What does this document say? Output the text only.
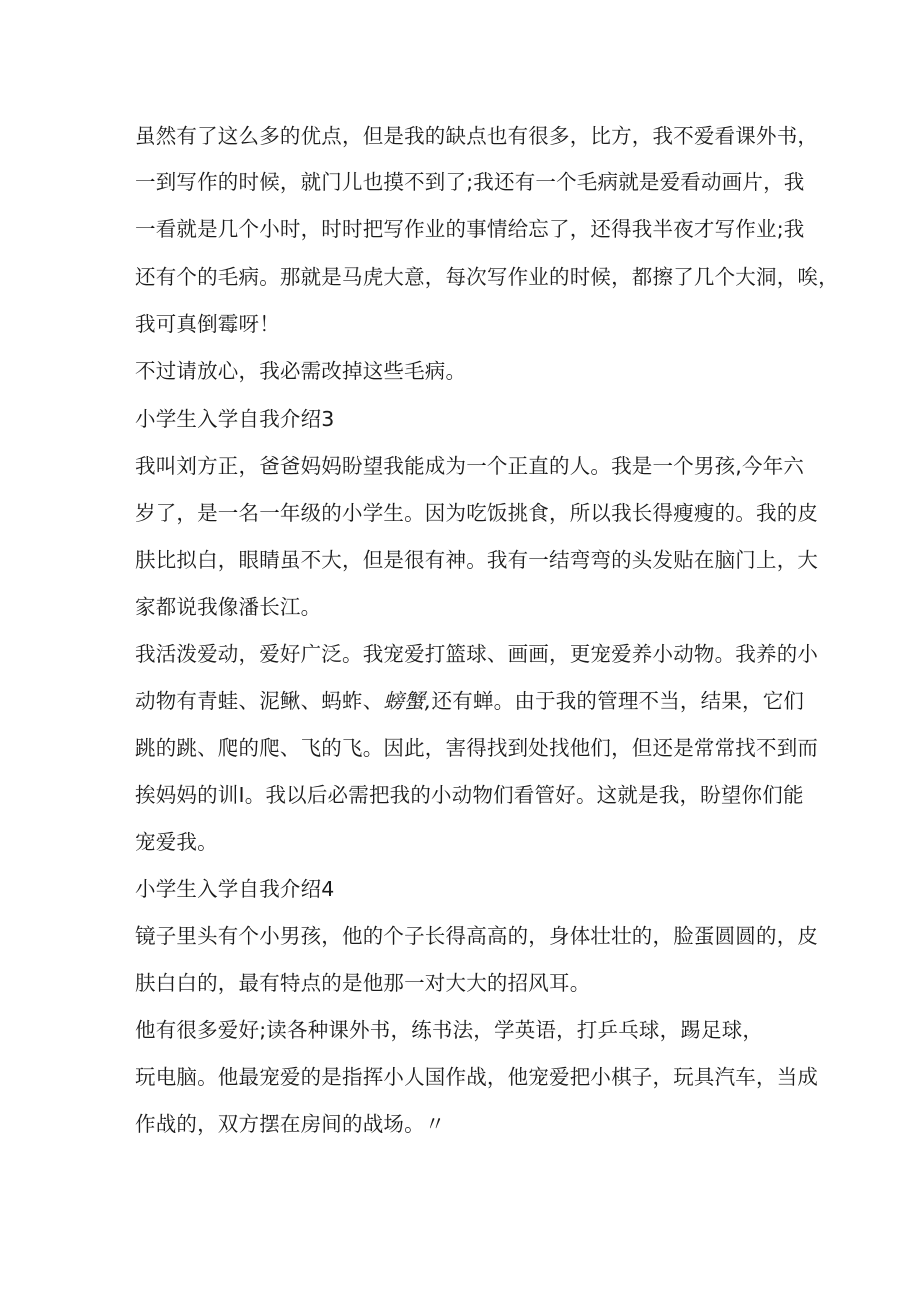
虽然有了这么多的优点，但是我的缺点也有很多，比方，我不爱看课外书，
一到写作的时候，就门儿也摸不到了;我还有一个毛病就是爱看动画片，我
一看就是几个小时，时时把写作业的事情给忘了，还得我半夜才写作业;我
还有个的毛病。那就是马虎大意，每次写作业的时候，都擦了几个大洞，唉，
我可真倒霉呀！
不过请放心，我必需改掉这些毛病。
小学生入学自我介绍3
我叫刘方正，爸爸妈妈盼望我能成为一个正直的人。我是一个男孩,今年六
岁了，是一名一年级的小学生。因为吃饭挑食，所以我长得瘦瘦的。我的皮
肤比拟白，眼睛虽不大，但是很有神。我有一结弯弯的头发贴在脑门上，大
家都说我像潘长江。
我活泼爱动，爱好广泛。我宠爱打篮球、画画，更宠爱养小动物。我养的小
动物有青蛙、泥鳅、蚂蚱、螃蟹,还有蝉。由于我的管理不当，结果，它们
跳的跳、爬的爬、飞的飞。因此，害得找到处找他们，但还是常常找不到而
挨妈妈的训I。我以后必需把我的小动物们看管好。这就是我，盼望你们能
宠爱我。
小学生入学自我介绍4
镜子里头有个小男孩，他的个子长得高高的，身体壮壮的，脸蛋圆圆的，皮
肤白白的，最有特点的是他那一对大大的招风耳。
他有很多爱好;读各种课外书，练书法，学英语，打乒乓球，踢足球，
玩电脑。他最宠爱的是指挥小人国作战，他宠爱把小棋子，玩具汽车，当成
作战的，双方摆在房间的战场。〃
